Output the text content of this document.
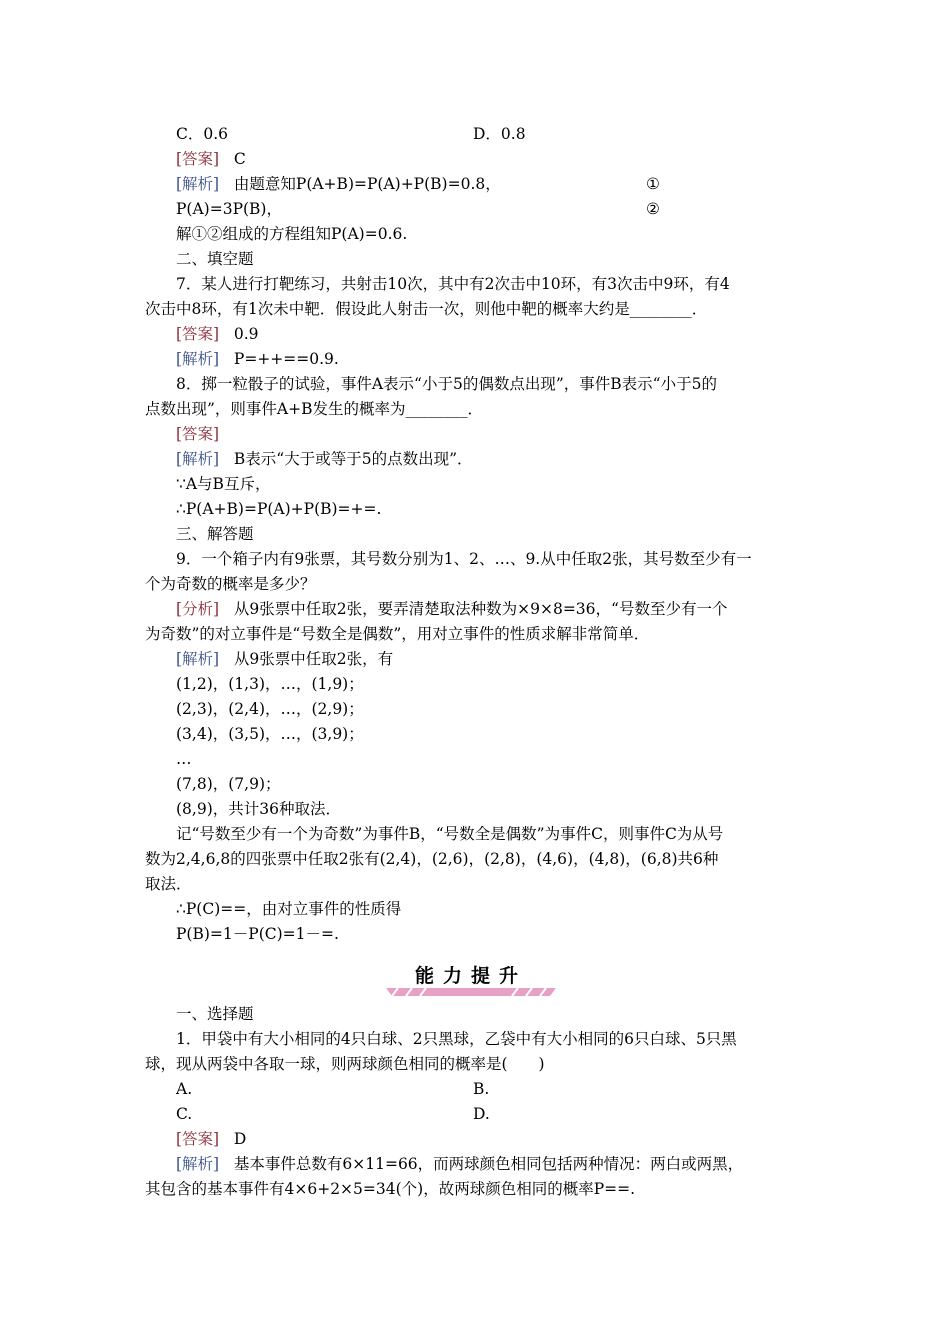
C．0.6	D．0.8
[答案] C
[解析] 由题意知P(A+B)=P(A)+P(B)=0.8，	①
P(A)=3P(B)，	②
解①②组成的方程组知P(A)=0.6.
二、填空题
7．某人进行打靶练习，共射击10次，其中有2次击中10环，有3次击中9环，有4
次击中8环，有1次未中靶．假设此人射击一次，则他中靶的概率大约是________．
[答案] 0.9
[解析] P=++==0.9.
8．掷一粒骰子的试验，事件A表示“小于5的偶数点出现”，事件B表示“小于5的
点数出现”，则事件A+B发生的概率为________．
[答案]
[解析] B表示“大于或等于5的点数出现”．
∵A与B互斥，
∴P(A+B)=P(A)+P(B)=+=.
三、解答题
9．一个箱子内有9张票，其号数分别为1、2、…、9.从中任取2张，其号数至少有一
个为奇数的概率是多少？
[分析] 从9张票中任取2张，要弄清楚取法种数为×9×8=36，“号数至少有一个
为奇数”的对立事件是“号数全是偶数”，用对立事件的性质求解非常简单．
[解析] 从9张票中任取2张，有
(1,2)，(1,3)，…，(1,9)；
(2,3)，(2,4)，…，(2,9)；
(3,4)，(3,5)，…，(3,9)；
…
(7,8)，(7,9)；
(8,9)，共计36种取法．
记“号数至少有一个为奇数”为事件B，“号数全是偶数”为事件C，则事件C为从号
数为2,4,6,8的四张票中任取2张有(2,4)，(2,6)，(2,8)，(4,6)，(4,8)，(6,8)共6种
取法．
∴P(C)==，由对立事件的性质得
P(B)=1－P(C)=1－=.
能力提升
一、选择题
1．甲袋中有大小相同的4只白球、2只黑球，乙袋中有大小相同的6只白球、5只黑
球，现从两袋中各取一球，则两球颜色相同的概率是(　　)
A.	B.
C.	D.
[答案] D
[解析] 基本事件总数有6×11=66，而两球颜色相同包括两种情况：两白或两黑，
其包含的基本事件有4×6+2×5=34(个)，故两球颜色相同的概率P==.
